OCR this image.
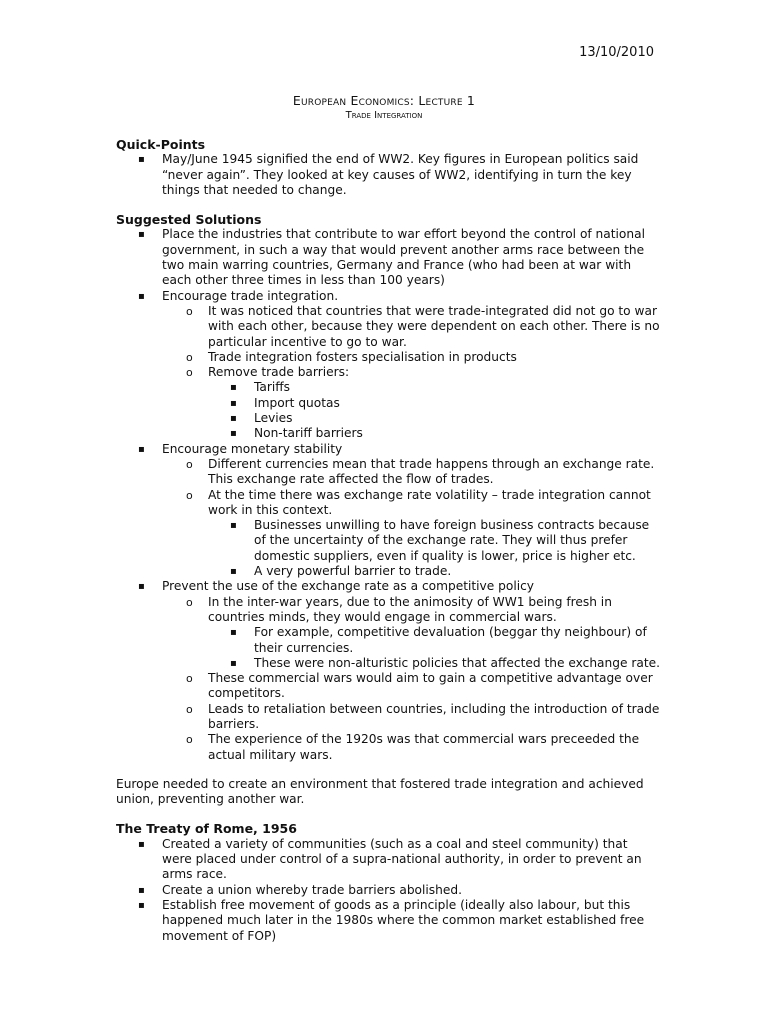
13/10/2010
European Economics: Lecture 1
Trade Integration
Quick-Points
▪ May/June 1945 signified the end of WW2. Key figures in European politics said “never again”. They looked at key causes of WW2, identifying in turn the key things that needed to change.
Suggested Solutions
▪ Place the industries that contribute to war effort beyond the control of national government, in such a way that would prevent another arms race between the two main warring countries, Germany and France (who had been at war with each other three times in less than 100 years)
▪ Encourage trade integration.
o It was noticed that countries that were trade-integrated did not go to war with each other, because they were dependent on each other. There is no particular incentive to go to war.
o Trade integration fosters specialisation in products
o Remove trade barriers:
▪ Tariffs
▪ Import quotas
▪ Levies
▪ Non-tariff barriers
▪ Encourage monetary stability
o Different currencies mean that trade happens through an exchange rate. This exchange rate affected the flow of trades.
o At the time there was exchange rate volatility – trade integration cannot work in this context.
▪ Businesses unwilling to have foreign business contracts because of the uncertainty of the exchange rate. They will thus prefer domestic suppliers, even if quality is lower, price is higher etc.
▪ A very powerful barrier to trade.
▪ Prevent the use of the exchange rate as a competitive policy
o In the inter-war years, due to the animosity of WW1 being fresh in countries minds, they would engage in commercial wars.
▪ For example, competitive devaluation (beggar thy neighbour) of their currencies.
▪ These were non-alturistic policies that affected the exchange rate.
o These commercial wars would aim to gain a competitive advantage over competitors.
o Leads to retaliation between countries, including the introduction of trade barriers.
o The experience of the 1920s was that commercial wars preceeded the actual military wars.

Europe needed to create an environment that fostered trade integration and achieved union, preventing another war.

The Treaty of Rome, 1956
▪ Created a variety of communities (such as a coal and steel community) that were placed under control of a supra-national authority, in order to prevent an arms race.
▪ Create a union whereby trade barriers abolished.
▪ Establish free movement of goods as a principle (ideally also labour, but this happened much later in the 1980s where the common market established free movement of FOP)
